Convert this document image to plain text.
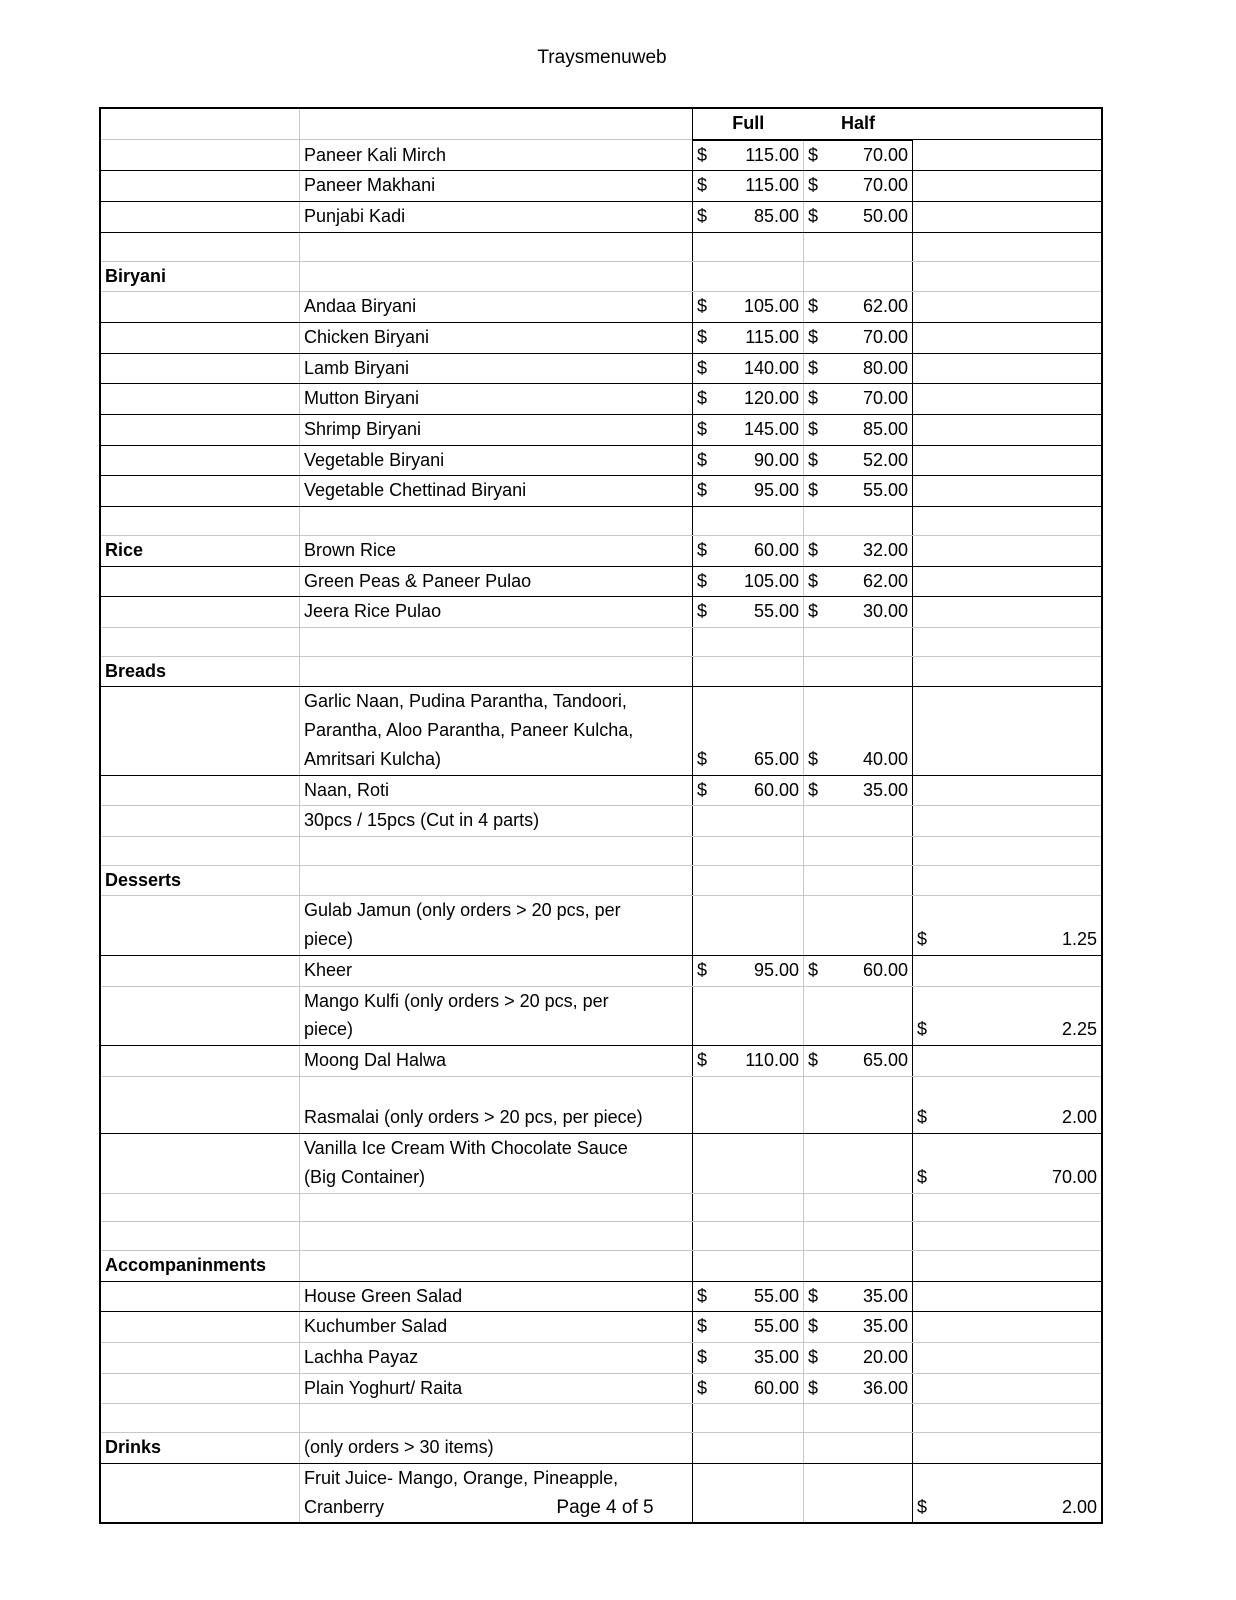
Traysmenuweb
		Full	Half	
	Paneer Kali Mirch	$ 115.00	$ 70.00	

	Paneer Makhani	$ 115.00	$ 70.00	

	Punjabi Kadi	$ 85.00	$ 50.00	

Biryani				
	Andaa Biryani	$ 105.00	$ 62.00	

	Chicken Biryani	$ 115.00	$ 70.00	

	Lamb Biryani	$ 140.00	$ 80.00	

	Mutton Biryani	$ 120.00	$ 70.00	

	Shrimp Biryani	$ 145.00	$ 85.00	

	Vegetable Biryani	$ 90.00	$ 52.00	

	Vegetable Chettinad Biryani	$ 95.00	$ 55.00	

Rice	Brown Rice	$ 60.00	$ 32.00	

	Green Peas & Paneer Pulao	$ 105.00	$ 62.00	

	Jeera Rice Pulao	$ 55.00	$ 30.00	

Breads				
	Garlic Naan, Pudina Parantha, Tandoori,
Parantha, Aloo Parantha, Paneer Kulcha,
Amritsari Kulcha)	$ 65.00	$ 40.00	

	Naan, Roti	$ 60.00	$ 35.00	

	30pcs / 15pcs (Cut in 4 parts)			

Desserts				
	Gulab Jamun (only orders > 20 pcs, per
piece)			$ 1.25

	Kheer	$ 95.00	$ 60.00	

	Mango Kulfi (only orders > 20 pcs, per
piece)			$ 2.25

	Moong Dal Halwa	$ 110.00	$ 65.00	

	Rasmalai (only orders > 20 pcs, per piece)			$ 2.00

	Vanilla Ice Cream With Chocolate Sauce
(Big Container)			$ 70.00

Accompaninments				
	House Green Salad	$ 55.00	$ 35.00	

	Kuchumber Salad	$ 55.00	$ 35.00	

	Lachha Payaz	$ 35.00	$ 20.00	

	Plain Yoghurt/ Raita	$ 60.00	$ 36.00	

Drinks	(only orders > 30 items)			
	Fruit Juice- Mango, Orange, Pineapple,
Cranberry			$ 2.00
Page 4 of 5
